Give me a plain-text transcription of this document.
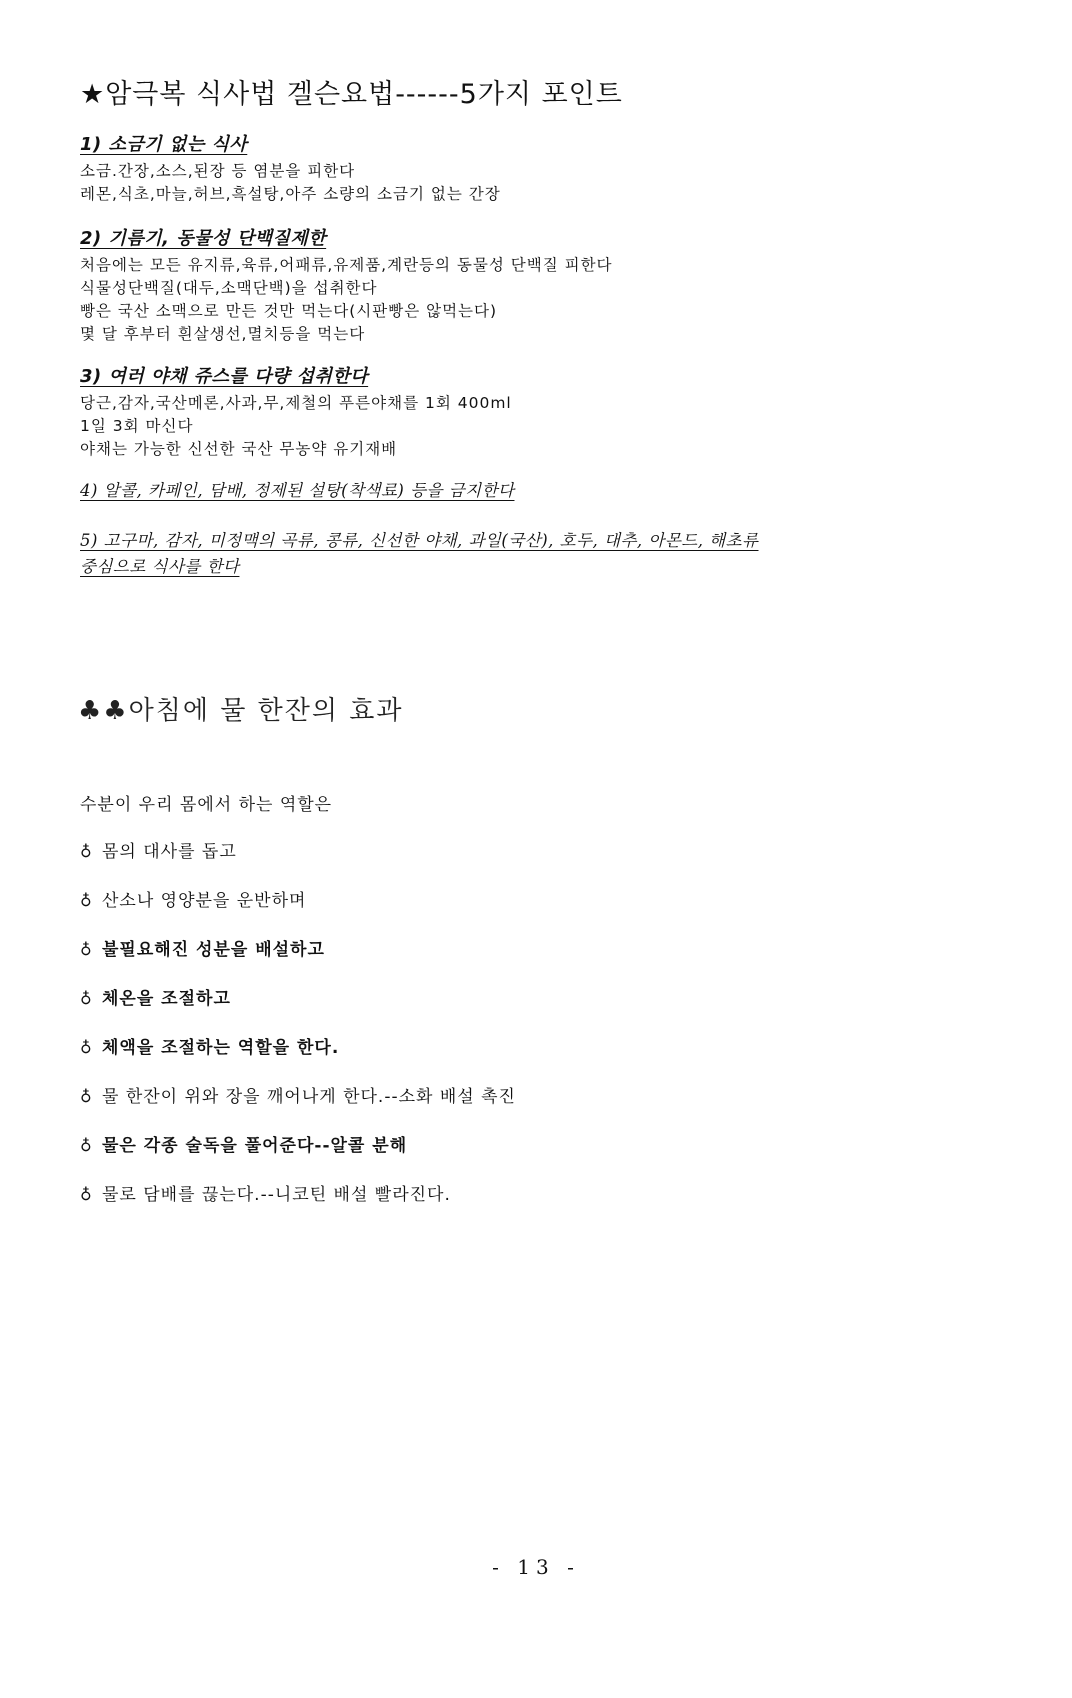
★암극복 식사법 겔슨요법------5가지 포인트
1) 소금기 없는 식사
소금.간장,소스,된장 등 염분을 피한다
레몬,식초,마늘,허브,흑설탕,아주 소량의 소금기 없는 간장
2) 기름기, 동물성 단백질제한
처음에는 모든 유지류,육류,어패류,유제품,계란등의 동물성 단백질 피한다
식물성단백질(대두,소맥단백)을 섭취한다
빵은 국산 소맥으로 만든 것만 먹는다(시판빵은 않먹는다)
몇 달 후부터 흰살생선,멸치등을 먹는다
3) 여러 야채 쥬스를 다량 섭취한다
당근,감자,국산메론,사과,무,제철의 푸른야채를 1회 400ml
1일 3회 마신다
야채는 가능한 신선한 국산 무농약 유기재배
4) 알콜, 카페인, 담배, 정제된 설탕(착색료) 등을 금지한다
5) 고구마, 감자, 미정맥의 곡류, 콩류, 신선한 야채, 과일(국산), 호두, 대추, 아몬드, 해초류
중심으로 식사를 한다
♣♣아침에 물 한잔의 효과
수분이 우리 몸에서 하는 역할은
♁ 몸의 대사를 돕고
♁ 산소나 영양분을 운반하며
♁ 불필요해진 성분을 배설하고
♁ 체온을 조절하고
♁ 체액을 조절하는 역할을 한다.
♁ 물 한잔이 위와 장을 깨어나게 한다.--소화 배설 촉진
♁ 물은 각종 술독을 풀어준다--알콜 분해
♁ 물로 담배를 끊는다.--니코틴 배설 빨라진다.
- 13 -
